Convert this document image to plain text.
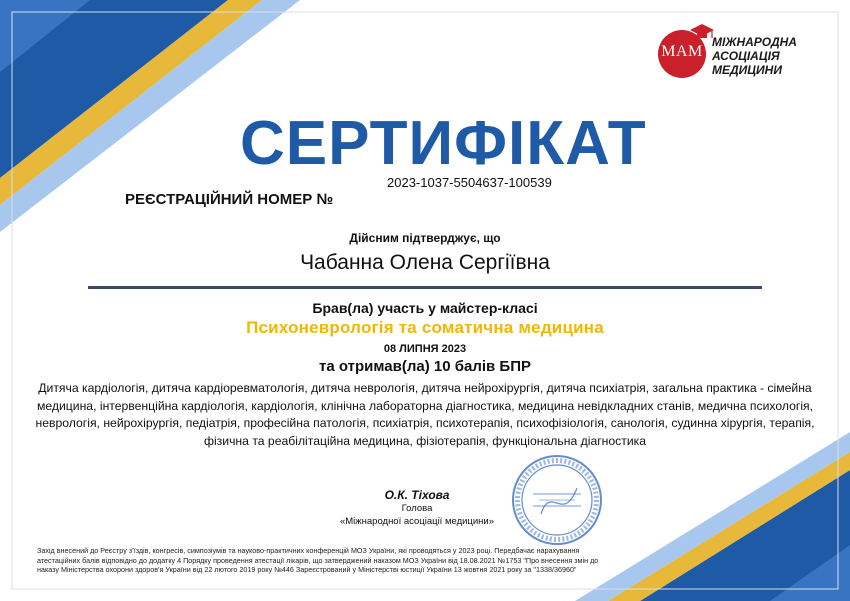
МАМ
МІЖНАРОДНА
АСОЦІАЦІЯ
МЕДИЦИНИ
СЕРТИФІКАТ
РЕЄСТРАЦІЙНИЙ НОМЕР №
2023-1037-5504637-100539
Дійсним підтверджує, що
Чабанна Олена Сергіївна
Брав(ла) участь у майстер-класі
Психоневрологія та соматична медицина
08 ЛИПНЯ 2023
та отримав(ла) 10 балів БПР
Дитяча кардіологія, дитяча кардіоревматологія, дитяча неврологія, дитяча нейрохірургія, дитяча психіатрія, загальна практика - сімейна медицина, інтервенційна кардіологія, кардіологія, клінічна лабораторна діагностика, медицина невідкладних станів, медична психологія, неврологія, нейрохірургія, педіатрія, професійна патологія, психіатрія, психотерапія, психофізіологія, санологія, судинна хірургія, терапія, фізична та реабілітаційна медицина, фізіотерапія, функціональна діагностика
О.К. Тіхова
Голова
«Міжнародної асоціації медицини»
Захід внесений до Реєстру з’їздів, конгресів, симпозіумів та науково-практичних конференцій МОЗ України, які проводяться у 2023 році. Передбачає нарахування атестаційних балів відповідно до додатку 4 Порядку проведення атестації лікарів, що затверджений наказом МОЗ України від 18.08.2021 №1753 "Про внесення змін до наказу Міністерства охорони здоров'я України від 22 лютого 2019 року №446 Зареєстрований у Міністерстві юстиції України 13 жовтня 2021 року за "1338/36960"
